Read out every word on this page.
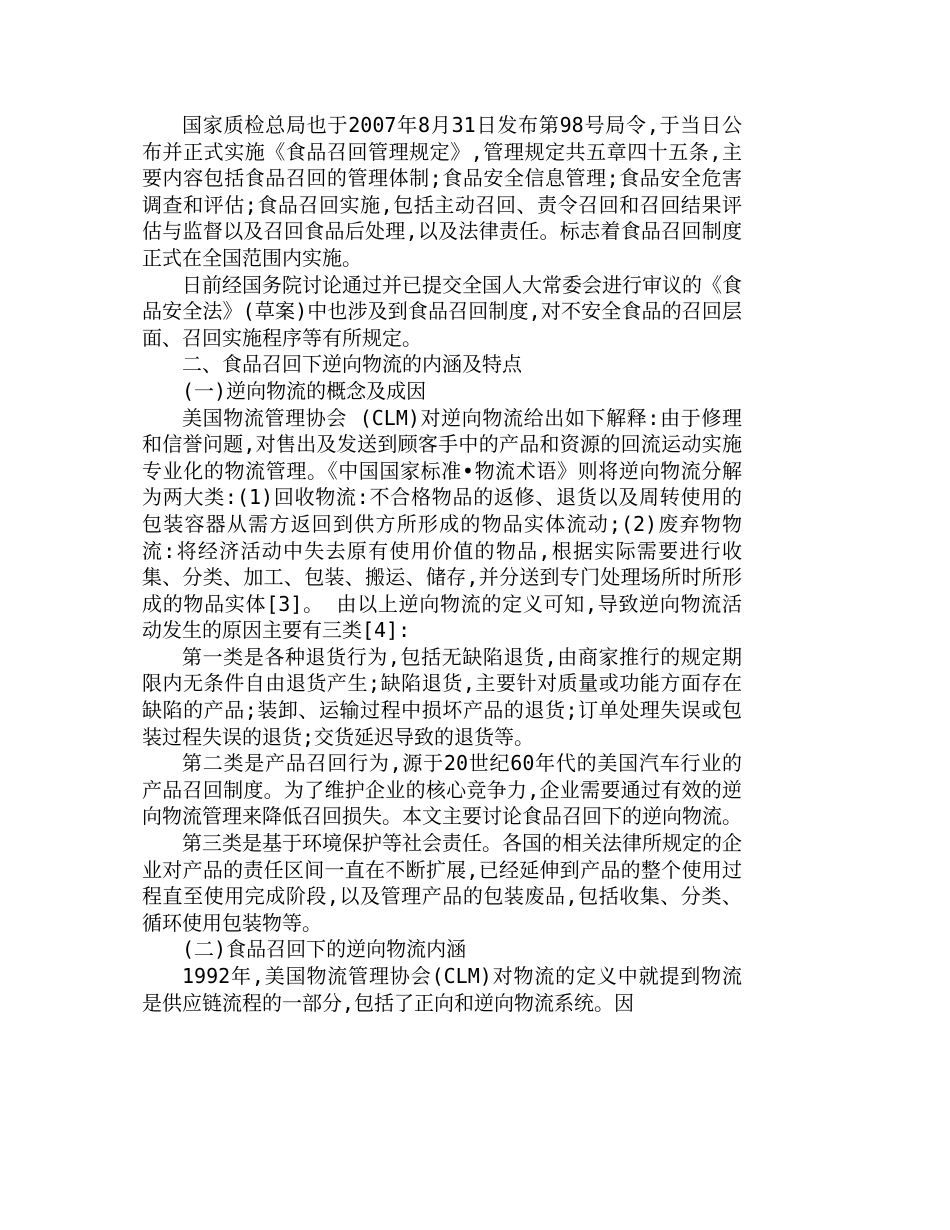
国家质检总局也于2007年8月31日发布第98号局令,于当日公布并正式实施《食品召回管理规定》,管理规定共五章四十五条,主要内容包括食品召回的管理体制;食品安全信息管理;食品安全危害调查和评估;食品召回实施,包括主动召回、责令召回和召回结果评估与监督以及召回食品后处理,以及法律责任。标志着食品召回制度正式在全国范围内实施。

日前经国务院讨论通过并已提交全国人大常委会进行审议的《食品安全法》(草案)中也涉及到食品召回制度,对不安全食品的召回层面、召回实施程序等有所规定。

二、食品召回下逆向物流的内涵及特点

(一)逆向物流的概念及成因

美国物流管理协会 (CLM)对逆向物流给出如下解释:由于修理和信誉问题,对售出及发送到顾客手中的产品和资源的回流运动实施专业化的物流管理。《中国国家标准•物流术语》则将逆向物流分解为两大类:(1)回收物流:不合格物品的返修、退货以及周转使用的包装容器从需方返回到供方所形成的物品实体流动;(2)废弃物物流:将经济活动中失去原有使用价值的物品,根据实际需要进行收集、分类、加工、包装、搬运、储存,并分送到专门处理场所时所形成的物品实体[3]。 由以上逆向物流的定义可知,导致逆向物流活动发生的原因主要有三类[4]:

第一类是各种退货行为,包括无缺陷退货,由商家推行的规定期限内无条件自由退货产生;缺陷退货,主要针对质量或功能方面存在缺陷的产品;装卸、运输过程中损坏产品的退货;订单处理失误或包装过程失误的退货;交货延迟导致的退货等。

第二类是产品召回行为,源于20世纪60年代的美国汽车行业的产品召回制度。为了维护企业的核心竞争力,企业需要通过有效的逆向物流管理来降低召回损失。本文主要讨论食品召回下的逆向物流。

第三类是基于环境保护等社会责任。各国的相关法律所规定的企业对产品的责任区间一直在不断扩展,已经延伸到产品的整个使用过程直至使用完成阶段,以及管理产品的包装废品,包括收集、分类、循环使用包装物等。

(二)食品召回下的逆向物流内涵

1992年,美国物流管理协会(CLM)对物流的定义中就提到物流是供应链流程的一部分,包括了正向和逆向物流系统。因
